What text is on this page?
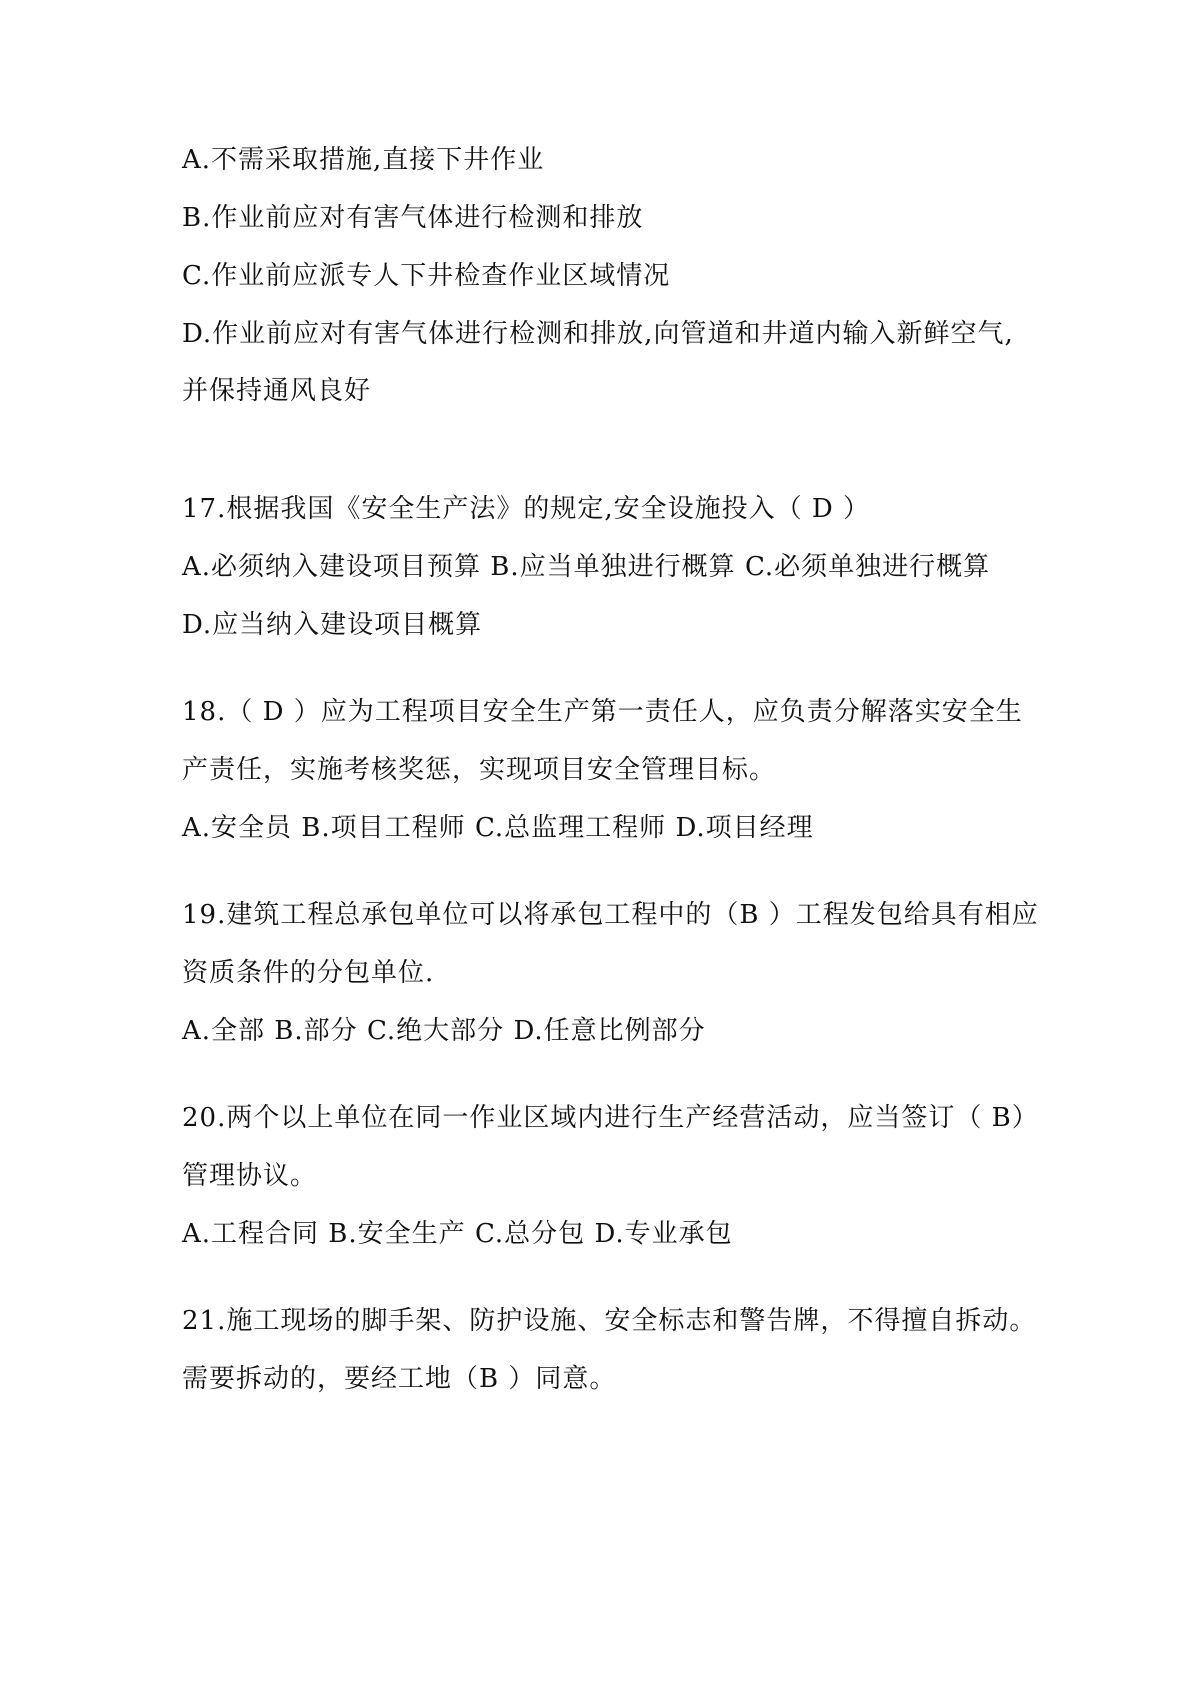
A.不需采取措施,直接下井作业
B.作业前应对有害气体进行检测和排放
C.作业前应派专人下井检查作业区域情况
D.作业前应对有害气体进行检测和排放,向管道和井道内输入新鲜空气,
并保持通风良好
17.根据我国《安全生产法》的规定,安全设施投入（ D ）
A.必须纳入建设项目预算 B.应当单独进行概算 C.必须单独进行概算
D.应当纳入建设项目概算
18.（ D ）应为工程项目安全生产第一责任人，应负责分解落实安全生
产责任，实施考核奖惩，实现项目安全管理目标。
A.安全员 B.项目工程师 C.总监理工程师 D.项目经理
19.建筑工程总承包单位可以将承包工程中的（B ）工程发包给具有相应
资质条件的分包单位.
A.全部 B.部分 C.绝大部分 D.任意比例部分
20.两个以上单位在同一作业区域内进行生产经营活动，应当签订（ B）
管理协议。
A.工程合同 B.安全生产 C.总分包 D.专业承包
21.施工现场的脚手架、防护设施、安全标志和警告牌，不得擅自拆动。
需要拆动的，要经工地（B ）同意。
